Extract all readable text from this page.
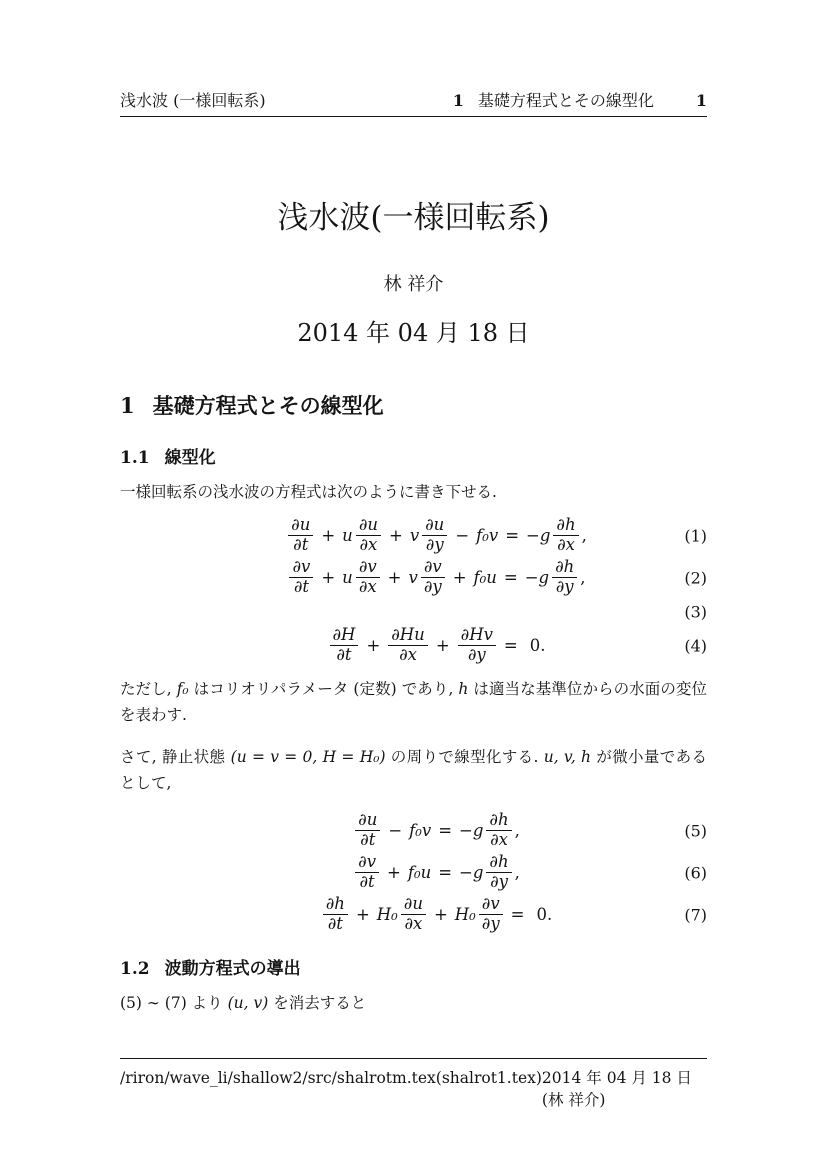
浅水波 (一様回転系)	1 基礎方程式とその線型化	1
浅水波(一様回転系)
林 祥介
2014 年 04 月 18 日
1 基礎方程式とその線型化
1.1 線型化

一様回転系の浅水波の方程式は次のように書き下せる.

$\frac{\partial u}{\partial t} + u \frac{\partial u}{\partial x} + v \frac{\partial u}{\partial y} - f_0v = -g \frac{\partial h}{\partial x}$ ,	(1)
$\frac{\partial v}{\partial t} + u \frac{\partial v}{\partial x} + v \frac{\partial v}{\partial y} + f_0u = -g \frac{\partial h}{\partial y}$ ,	(2)
(3)
$\frac{\partial H}{\partial t} + \frac{\partial Hu}{\partial x} + \frac{\partial Hv}{\partial y} = 0$.	(4)

ただし, f₀ はコリオリパラメータ (定数) であり, h は適当な基準位からの水面の変位を表わす.

さて, 静止状態 (u = v = 0, H = H₀) の周りで線型化する. u, v, h が微小量であるとして,

$\frac{\partial u}{\partial t} - f_0v = -g \frac{\partial h}{\partial x}$ ,	(5)
$\frac{\partial v}{\partial t} + f_0u = -g \frac{\partial h}{\partial y}$ ,	(6)
$\frac{\partial h}{\partial t} + H_0 \frac{\partial u}{\partial x} + H_0 \frac{\partial v}{\partial y} = 0$.	(7)
1.2 波動方程式の導出

(5) ∼ (7) より (u, v) を消去すると

/riron/wave_li/shallow2/src/shalrotm.tex(shalrot1.tex) 2014 年 04 月 18 日 (林 祥介)
